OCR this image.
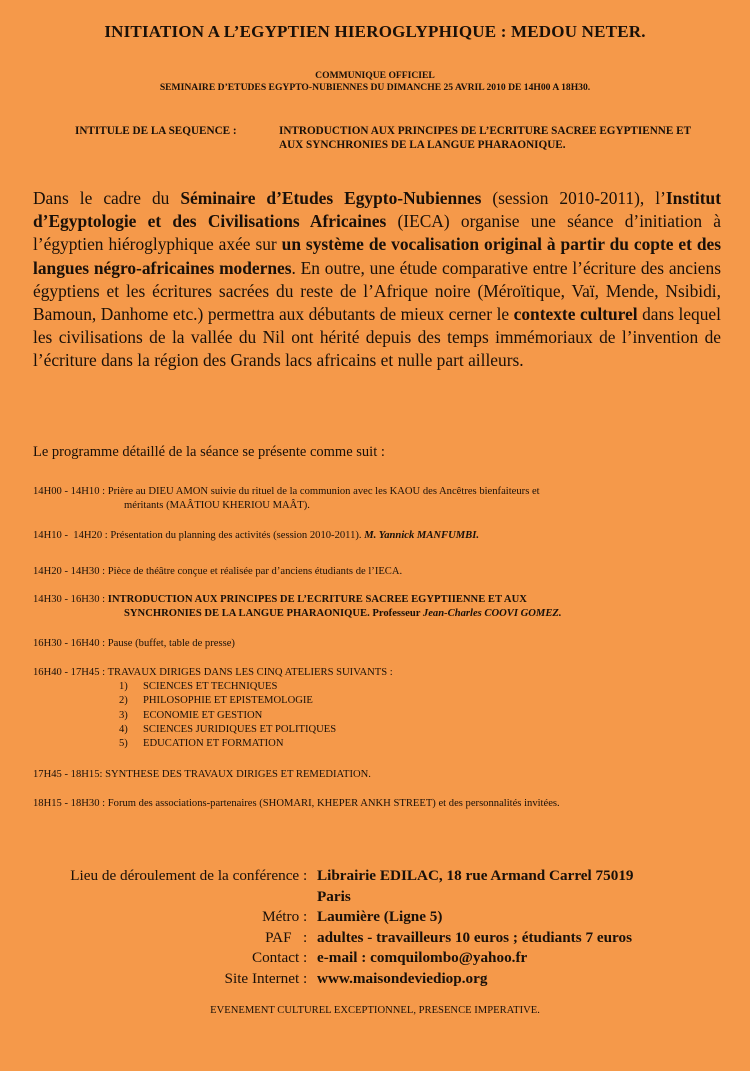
INITIATION A L’EGYPTIEN HIEROGLYPHIQUE : MEDOU NETER.
COMMUNIQUE OFFICIEL
SEMINAIRE D’ETUDES EGYPTO-NUBIENNES DU DIMANCHE 25 AVRIL 2010 DE 14H00 A 18H30.
INTITULE DE LA SEQUENCE :	INTRODUCTION AUX PRINCIPES DE L’ECRITURE SACREE EGYPTIENNE ET AUX SYNCHRONIES DE LA LANGUE PHARAONIQUE.
Dans le cadre du Séminaire d’Etudes Egypto-Nubiennes (session 2010-2011), l’Institut d’Egyptologie et des Civilisations Africaines (IECA) organise une séance d’initiation à l’égyptien hiéroglyphique axée sur un système de vocalisation original à partir du copte et des langues négro-africaines modernes. En outre, une étude comparative entre l’écriture des anciens égyptiens et les écritures sacrées du reste de l’Afrique noire (Méroïtique, Vaï, Mende, Nsibidi, Bamoun, Danhome etc.) permettra aux débutants de mieux cerner le contexte culturel dans lequel les civilisations de la vallée du Nil ont hérité depuis des temps immémoriaux de l’invention de l’écriture dans la région des Grands lacs africains et nulle part ailleurs.
Le programme détaillé de la séance se présente comme suit :
14H00 - 14H10 : Prière au DIEU AMON suivie du rituel de la communion avec les KAOU des Ancêtres bienfaiteurs et
méritants (MAÂTIOU KHERIOU MAÂT).
14H10 -  14H20 : Présentation du planning des activités (session 2010-2011). M. Yannick MANFUMBI.
14H20 - 14H30 : Pièce de théâtre conçue et réalisée par d’anciens étudiants de l’IECA.
14H30 - 16H30 : INTRODUCTION AUX PRINCIPES DE L’ECRITURE SACREE EGYPTIIENNE ET AUX
SYNCHRONIES DE LA LANGUE PHARAONIQUE. Professeur Jean-Charles COOVI GOMEZ.
16H30 - 16H40 : Pause (buffet, table de presse)
16H40 - 17H45 : TRAVAUX DIRIGES DANS LES CINQ ATELIERS SUIVANTS :
1) SCIENCES ET TECHNIQUES
2) PHILOSOPHIE ET EPISTEMOLOGIE
3) ECONOMIE ET GESTION
4) SCIENCES JURIDIQUES ET POLITIQUES
5) EDUCATION ET FORMATION
17H45 - 18H15: SYNTHESE DES TRAVAUX DIRIGES ET REMEDIATION.
18H15 - 18H30 : Forum des associations-partenaires (SHOMARI, KHEPER ANKH STREET) et des personnalités invitées.
Lieu de déroulement de la conférence : Librairie EDILAC, 18 rue Armand Carrel 75019
Paris
Métro : Laumière (Ligne 5)
PAF   : adultes - travailleurs 10 euros ; étudiants 7 euros
Contact : e-mail : comquilombo@yahoo.fr
Site Internet : www.maisondeviediop.org
EVENEMENT CULTUREL EXCEPTIONNEL, PRESENCE IMPERATIVE.
